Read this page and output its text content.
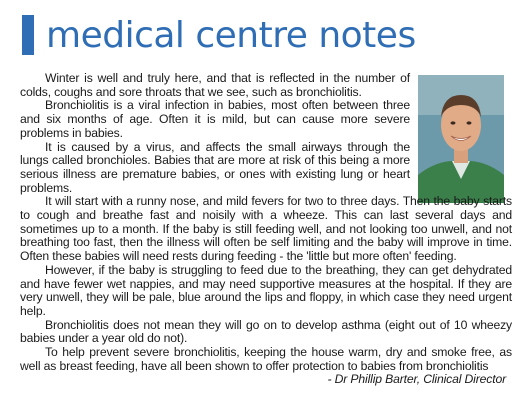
medical centre notes

Winter is well and truly here, and that is reflected in the number of colds, coughs and sore throats that we see, such as bronchiolitis.

Bronchiolitis is a viral infection in babies, most often between three and six months of age. Often it is mild, but can cause more severe problems in babies.

It is caused by a virus, and affects the small airways through the lungs called bronchioles. Babies that are more at risk of this being a more serious illness are premature babies, or ones with existing lung or heart problems.

It will start with a runny nose, and mild fevers for two to three days. Then the baby starts to cough and breathe fast and noisily with a wheeze. This can last several days and sometimes up to a month. If the baby is still feeding well, and not looking too unwell, and not breathing too fast, then the illness will often be self limiting and the baby will improve in time. Often these babies will need rests during feeding - the 'little but more often' feeding.

However, if the baby is struggling to feed due to the breathing, they can get dehydrated and have fewer wet nappies, and may need supportive measures at the hospital. If they are very unwell, they will be pale, blue around the lips and floppy, in which case they need urgent help.

Bronchiolitis does not mean they will go on to develop asthma (eight out of 10 wheezy babies under a year old do not).

To help prevent severe bronchiolitis, keeping the house warm, dry and smoke free, as well as breast feeding, have all been shown to offer protection to babies from bronchiolitis

- Dr Phillip Barter, Clinical Director
